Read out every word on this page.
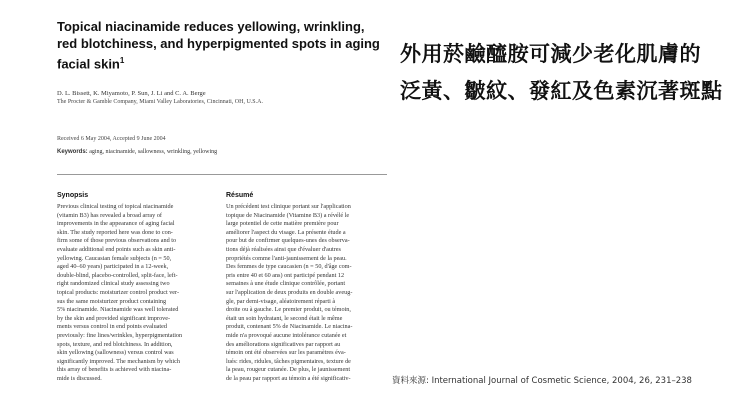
Topical niacinamide reduces yellowing, wrinkling, red blotchiness, and hyperpigmented spots in aging facial skin$^1$
D. L. Bissett, K. Miyamoto, P. Sun, J. Li and C. A. Berge
The Procter & Gamble Company, Miami Valley Laboratories, Cincinnati, OH, U.S.A.
Received 6 May 2004, Accepted 9 June 2004
Keywords: aging, niacinamide, sallowness, wrinkling, yellowing
Synopsis
Previous clinical testing of topical niacinamide
(vitamin B3) has revealed a broad array of
improvements in the appearance of aging facial
skin. The study reported here was done to con-
firm some of those previous observations and to
evaluate additional end points such as skin anti-
yellowing. Caucasian female subjects (n = 50,
aged 40–60 years) participated in a 12-week,
double-blind, placebo-controlled, split-face, left-
right randomized clinical study assessing two
topical products: moisturizer control product ver-
sus the same moisturizer product containing
5% niacinamide. Niacinamide was well tolerated
by the skin and provided significant improve-
ments versus control in end points evaluated
previously: fine lines/wrinkles, hyperpigmentation
spots, texture, and red blotchiness. In addition,
skin yellowing (sallowness) versus control was
significantly improved. The mechanism by which
this array of benefits is achieved with niacina-
mide is discussed.
Résumé
Un précédent test clinique portant sur l'application
topique de Niacinamide (Vitamine B3) a révélé le
large potentiel de cette matière première pour
améliorer l'aspect du visage. La présente étude a
pour but de confirmer quelques-unes des observa-
tions déjà réalisées ainsi que d'évaluer d'autres
propriétés comme l'anti-jaunissement de la peau.
Des femmes de type caucasien (n = 50, d'âge com-
pris entre 40 et 60 ans) ont participé pendant 12
semaines à une étude clinique contrôlée, portant
sur l'application de deux produits en double aveug-
gle, par demi-visage, aléatoirement réparti à
droite ou à gauche. Le premier produit, ou témoin,
était un soin hydratant, le second était le même
produit, contenant 5% de Niacinamide. Le niacina-
mide n'a provoqué aucune intolérance cutanée et
des améliorations significatives par rapport au
témoin ont été observées sur les paramètres éva-
lués: rides, ridules, tâches pigmentaires, texture de
la peau, rougeur cutanée. De plus, le jaunissement
de la peau par rapport au témoin a été significativ-
外用菸鹼醯胺可減少老化肌膚的
泛黃、皺紋、發紅及色素沉著斑點
資料來源: International Journal of Cosmetic Science, 2004, 26, 231–238
